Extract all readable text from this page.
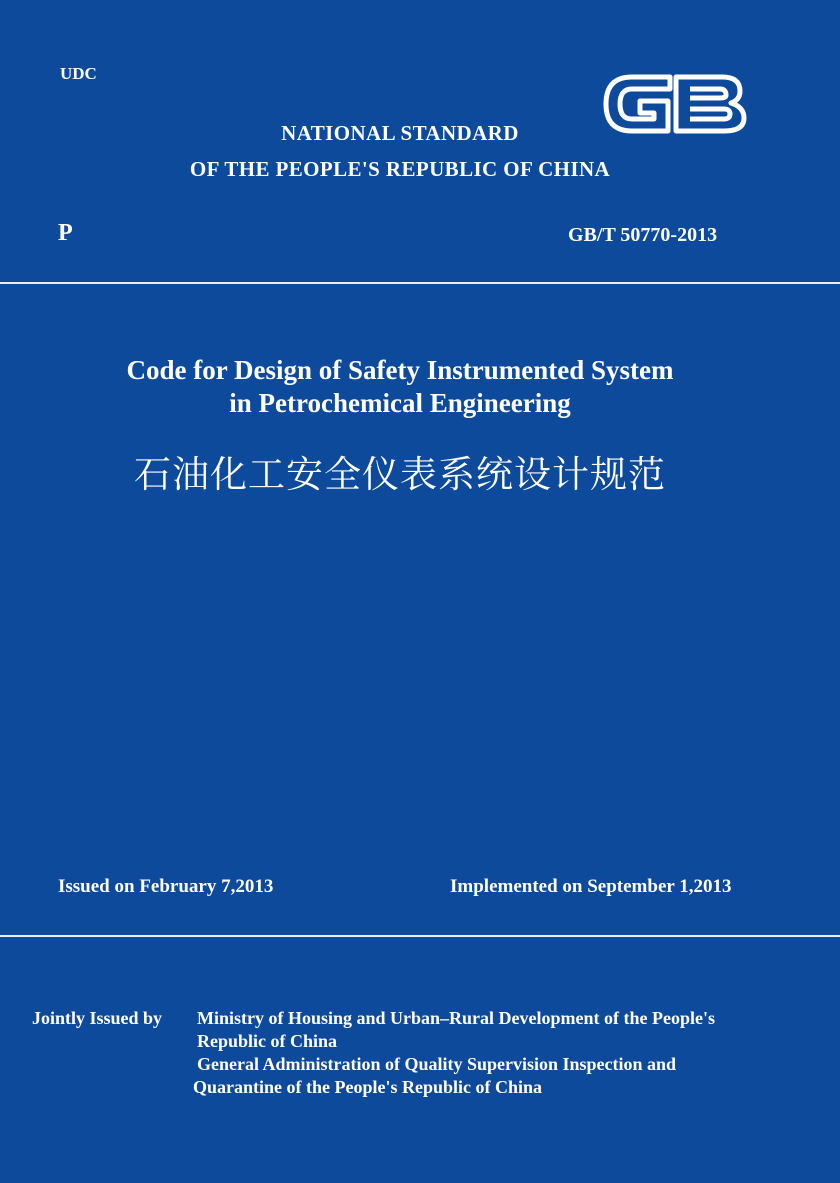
UDC
NATIONAL STANDARD
OF THE PEOPLE'S REPUBLIC OF CHINA
P	GB/T 50770-2013
Code for Design of Safety Instrumented System
in Petrochemical Engineering
石油化工安全仪表系统设计规范
Issued on February 7,2013	Implemented on September 1,2013
Jointly Issued by Ministry of Housing and Urban–Rural Development of the People's
Republic of China
General Administration of Quality Supervision Inspection and
Quarantine of the People's Republic of China
